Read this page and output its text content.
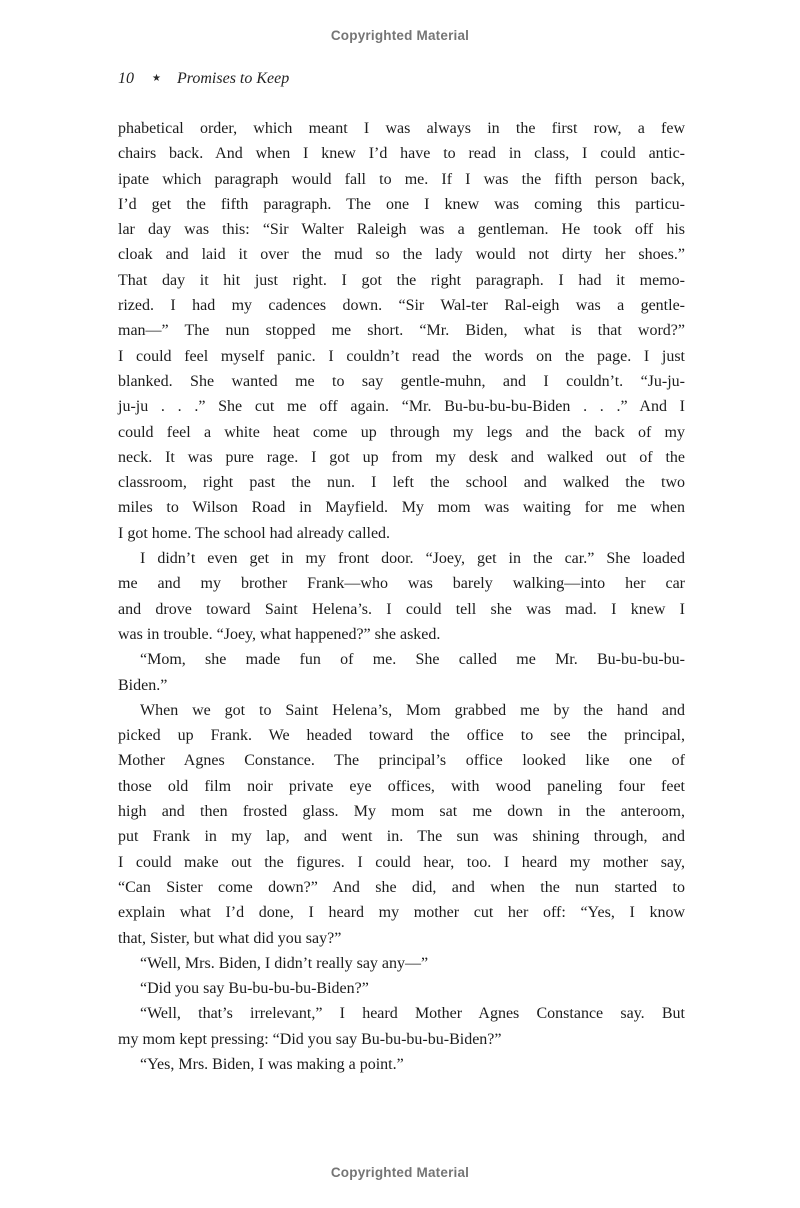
Copyrighted Material
10 ★ Promises to Keep
phabetical order, which meant I was always in the first row, a few
chairs back. And when I knew I’d have to read in class, I could antic-
ipate which paragraph would fall to me. If I was the fifth person back,
I’d get the fifth paragraph. The one I knew was coming this particu-
lar day was this: “Sir Walter Raleigh was a gentleman. He took off his
cloak and laid it over the mud so the lady would not dirty her shoes.”
That day it hit just right. I got the right paragraph. I had it memo-
rized. I had my cadences down. “Sir Wal-ter Ral-eigh was a gentle-
man—” The nun stopped me short. “Mr. Biden, what is that word?”
I could feel myself panic. I couldn’t read the words on the page. I just
blanked. She wanted me to say gentle-muhn, and I couldn’t. “Ju-ju-
ju-ju . . .” She cut me off again. “Mr. Bu-bu-bu-bu-Biden . . .” And I
could feel a white heat come up through my legs and the back of my
neck. It was pure rage. I got up from my desk and walked out of the
classroom, right past the nun. I left the school and walked the two
miles to Wilson Road in Mayfield. My mom was waiting for me when
I got home. The school had already called.
I didn’t even get in my front door. “Joey, get in the car.” She loaded
me and my brother Frank—who was barely walking—into her car
and drove toward Saint Helena’s. I could tell she was mad. I knew I
was in trouble. “Joey, what happened?” she asked.
“Mom, she made fun of me. She called me Mr. Bu-bu-bu-bu-
Biden.”
When we got to Saint Helena’s, Mom grabbed me by the hand and
picked up Frank. We headed toward the office to see the principal,
Mother Agnes Constance. The principal’s office looked like one of
those old film noir private eye offices, with wood paneling four feet
high and then frosted glass. My mom sat me down in the anteroom,
put Frank in my lap, and went in. The sun was shining through, and
I could make out the figures. I could hear, too. I heard my mother say,
“Can Sister come down?” And she did, and when the nun started to
explain what I’d done, I heard my mother cut her off: “Yes, I know
that, Sister, but what did you say?”
“Well, Mrs. Biden, I didn’t really say any—”
“Did you say Bu-bu-bu-bu-Biden?”
“Well, that’s irrelevant,” I heard Mother Agnes Constance say. But
my mom kept pressing: “Did you say Bu-bu-bu-bu-Biden?”
“Yes, Mrs. Biden, I was making a point.”
Copyrighted Material
